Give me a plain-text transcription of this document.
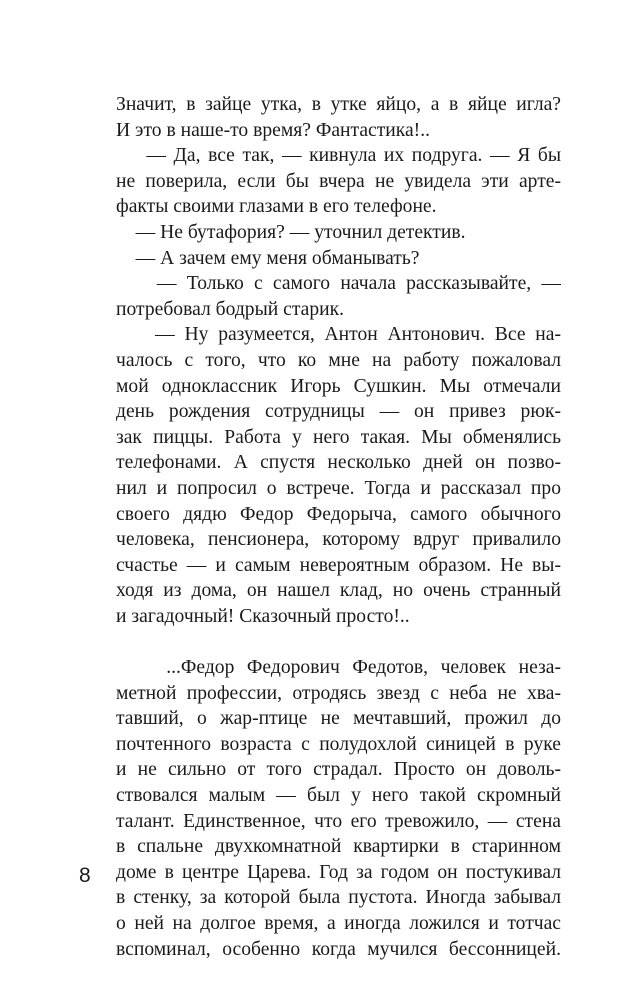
Значит, в зайце утка, в утке яйцо, а в яйце игла?
И это в наше-то время? Фантастика!..
— Да, все так, — кивнула их подруга. — Я бы
не поверила, если бы вчера не увидела эти арте-
факты своими глазами в его телефоне.
— Не бутафория? — уточнил детектив.
— А зачем ему меня обманывать?
— Только с самого начала рассказывайте, —
потребовал бодрый старик.
— Ну разумеется, Антон Антонович. Все на-
чалось с того, что ко мне на работу пожаловал
мой одноклассник Игорь Сушкин. Мы отмечали
день рождения сотрудницы — он привез рюк-
зак пиццы. Работа у него такая. Мы обменялись
телефонами. А спустя несколько дней он позво-
нил и попросил о встрече. Тогда и рассказал про
своего дядю Федор Федорыча, самого обычного
человека, пенсионера, которому вдруг привалило
счастье — и самым невероятным образом. Не вы-
ходя из дома, он нашел клад, но очень странный
и загадочный! Сказочный просто!..
...Федор Федорович Федотов, человек неза-
метной профессии, отродясь звезд с неба не хва-
тавший, о жар-птице не мечтавший, прожил до
почтенного возраста с полудохлой синицей в руке
и не сильно от того страдал. Просто он доволь-
ствовался малым — был у него такой скромный
талант. Единственное, что его тревожило, — стена
в спальне двухкомнатной квартирки в старинном
доме в центре Царева. Год за годом он постукивал
в стенку, за которой была пустота. Иногда забывал
о ней на долгое время, а иногда ложился и тотчас
вспоминал, особенно когда мучился бессонницей.
8
